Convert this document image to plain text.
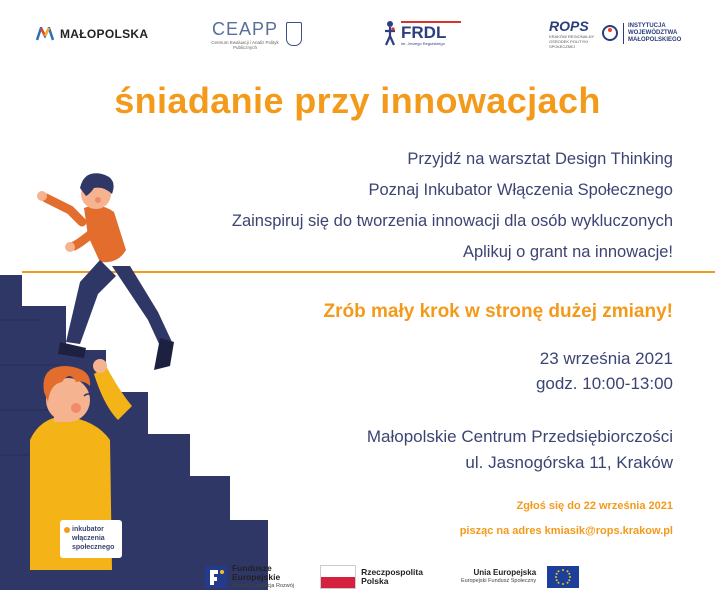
MAŁOPOLSKA	CEAPP
Centrum Ewaluacji i Analiz Polityk Publicznych
FRDL
im. Jerzego Regulskiego
ROPS
KRAKÓW REGIONALNY OŚRODEK POLITYKI SPOŁECZNEJ
INSTYTUCJA WOJEWÓDZTWA MAŁOPOLSKIEGO
śniadanie przy innowacjach
Przyjdź na warsztat Design Thinking
Poznaj Inkubator Włączenia Społecznego
Zainspiruj się do tworzenia innowacji dla osób wykluczonych
Aplikuj o grant na innowacje!
inkubator
włączenia
społecznego
Zrób mały krok w stronę dużej zmiany!
23 września 2021
godz. 10:00-13:00
Małopolskie Centrum Przedsiębiorczości
ul. Jasnogórska 11, Kraków
Zgłoś się do 22 września 2021
pisząc na adres kmiasik@rops.krakow.pl
Fundusze
Europejskie
Wiedza Edukacja Rozwój
Rzeczpospolita
Polska
Unia Europejska
Europejski Fundusz Społeczny
